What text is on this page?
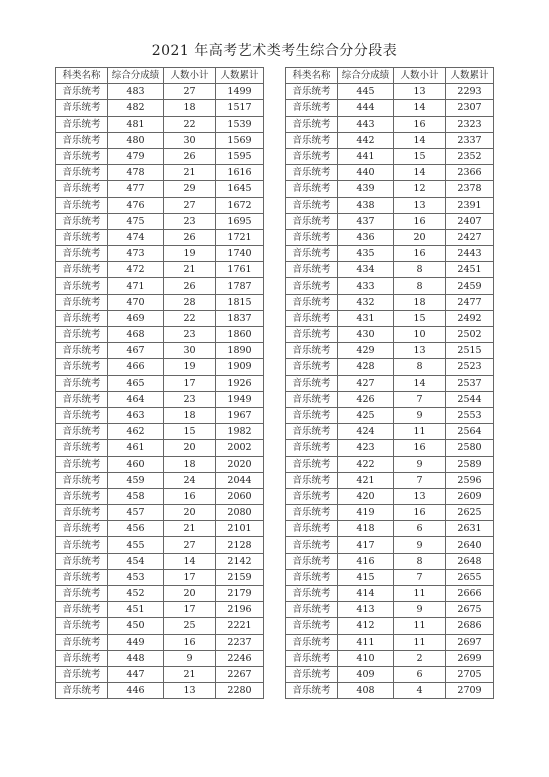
2021 年高考艺术类考生综合分分段表
科类名称	综合分成绩	人数小计	人数累计
音乐统考	483	27	1499
音乐统考	482	18	1517
音乐统考	481	22	1539
音乐统考	480	30	1569
音乐统考	479	26	1595
音乐统考	478	21	1616
音乐统考	477	29	1645
音乐统考	476	27	1672
音乐统考	475	23	1695
音乐统考	474	26	1721
音乐统考	473	19	1740
音乐统考	472	21	1761
音乐统考	471	26	1787
音乐统考	470	28	1815
音乐统考	469	22	1837
音乐统考	468	23	1860
音乐统考	467	30	1890
音乐统考	466	19	1909
音乐统考	465	17	1926
音乐统考	464	23	1949
音乐统考	463	18	1967
音乐统考	462	15	1982
音乐统考	461	20	2002
音乐统考	460	18	2020
音乐统考	459	24	2044
音乐统考	458	16	2060
音乐统考	457	20	2080
音乐统考	456	21	2101
音乐统考	455	27	2128
音乐统考	454	14	2142
音乐统考	453	17	2159
音乐统考	452	20	2179
音乐统考	451	17	2196
音乐统考	450	25	2221
音乐统考	449	16	2237
音乐统考	448	9	2246
音乐统考	447	21	2267
音乐统考	446	13	2280
科类名称	综合分成绩	人数小计	人数累计
音乐统考	445	13	2293
音乐统考	444	14	2307
音乐统考	443	16	2323
音乐统考	442	14	2337
音乐统考	441	15	2352
音乐统考	440	14	2366
音乐统考	439	12	2378
音乐统考	438	13	2391
音乐统考	437	16	2407
音乐统考	436	20	2427
音乐统考	435	16	2443
音乐统考	434	8	2451
音乐统考	433	8	2459
音乐统考	432	18	2477
音乐统考	431	15	2492
音乐统考	430	10	2502
音乐统考	429	13	2515
音乐统考	428	8	2523
音乐统考	427	14	2537
音乐统考	426	7	2544
音乐统考	425	9	2553
音乐统考	424	11	2564
音乐统考	423	16	2580
音乐统考	422	9	2589
音乐统考	421	7	2596
音乐统考	420	13	2609
音乐统考	419	16	2625
音乐统考	418	6	2631
音乐统考	417	9	2640
音乐统考	416	8	2648
音乐统考	415	7	2655
音乐统考	414	11	2666
音乐统考	413	9	2675
音乐统考	412	11	2686
音乐统考	411	11	2697
音乐统考	410	2	2699
音乐统考	409	6	2705
音乐统考	408	4	2709
